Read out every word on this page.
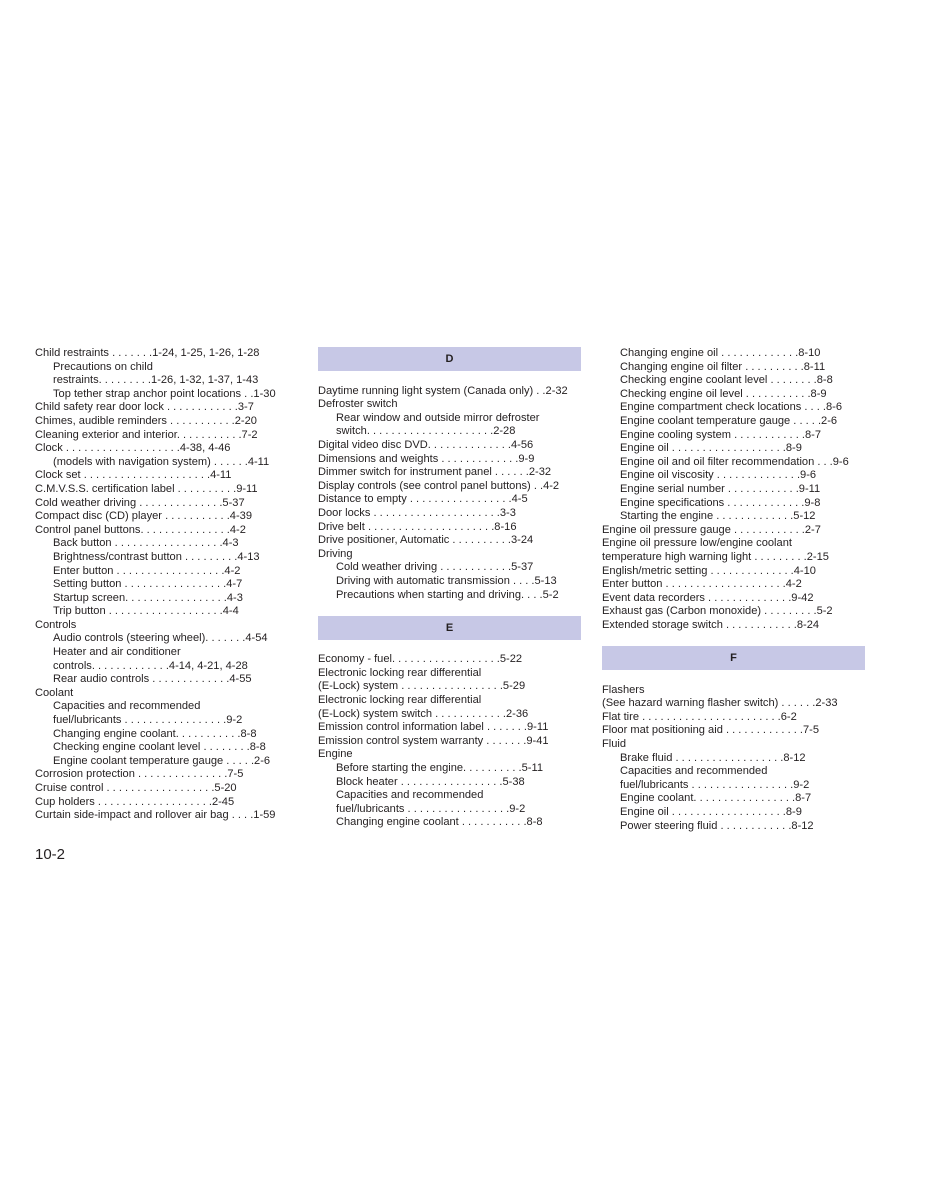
Child restraints . . . . . . .1-24, 1-25, 1-26, 1-28
Precautions on child
restraints. . . . . . . . .1-26, 1-32, 1-37, 1-43
Top tether strap anchor point locations . .1-30
Child safety rear door lock . . . . . . . . . . . .3-7
Chimes, audible reminders . . . . . . . . . . .2-20
Cleaning exterior and interior. . . . . . . . . . .7-2
Clock . . . . . . . . . . . . . . . . . . .4-38, 4-46
(models with navigation system) . . . . . .4-11
Clock set . . . . . . . . . . . . . . . . . . . . .4-11
C.M.V.S.S. certification label . . . . . . . . . .9-11
Cold weather driving . . . . . . . . . . . . . .5-37
Compact disc (CD) player . . . . . . . . . . .4-39
Control panel buttons. . . . . . . . . . . . . . .4-2
Back button . . . . . . . . . . . . . . . . . .4-3
Brightness/contrast button . . . . . . . . .4-13
Enter button . . . . . . . . . . . . . . . . . .4-2
Setting button . . . . . . . . . . . . . . . . .4-7
Startup screen. . . . . . . . . . . . . . . . .4-3
Trip button . . . . . . . . . . . . . . . . . . .4-4
Controls
Audio controls (steering wheel). . . . . . .4-54
Heater and air conditioner
controls. . . . . . . . . . . . .4-14, 4-21, 4-28
Rear audio controls . . . . . . . . . . . . .4-55
Coolant
Capacities and recommended
fuel/lubricants . . . . . . . . . . . . . . . . .9-2
Changing engine coolant. . . . . . . . . . .8-8
Checking engine coolant level . . . . . . . .8-8
Engine coolant temperature gauge . . . . .2-6
Corrosion protection . . . . . . . . . . . . . . .7-5
Cruise control . . . . . . . . . . . . . . . . . .5-20
Cup holders . . . . . . . . . . . . . . . . . . .2-45
Curtain side-impact and rollover air bag . . . .1-59
D
Daytime running light system (Canada only) . .2-32
Defroster switch
Rear window and outside mirror defroster
switch. . . . . . . . . . . . . . . . . . . . .2-28
Digital video disc DVD. . . . . . . . . . . . . .4-56
Dimensions and weights . . . . . . . . . . . . .9-9
Dimmer switch for instrument panel . . . . . .2-32
Display controls (see control panel buttons) . .4-2
Distance to empty . . . . . . . . . . . . . . . . .4-5
Door locks . . . . . . . . . . . . . . . . . . . . .3-3
Drive belt . . . . . . . . . . . . . . . . . . . . .8-16
Drive positioner, Automatic . . . . . . . . . .3-24
Driving
Cold weather driving . . . . . . . . . . . .5-37
Driving with automatic transmission . . . .5-13
Precautions when starting and driving. . . .5-2
E
Economy - fuel. . . . . . . . . . . . . . . . . .5-22
Electronic locking rear differential
(E-Lock) system . . . . . . . . . . . . . . . . .5-29
Electronic locking rear differential
(E-Lock) system switch . . . . . . . . . . . .2-36
Emission control information label . . . . . . .9-11
Emission control system warranty . . . . . . .9-41
Engine
Before starting the engine. . . . . . . . . .5-11
Block heater . . . . . . . . . . . . . . . . .5-38
Capacities and recommended
fuel/lubricants . . . . . . . . . . . . . . . . .9-2
Changing engine coolant . . . . . . . . . . .8-8
Changing engine oil . . . . . . . . . . . . .8-10
Changing engine oil filter . . . . . . . . . .8-11
Checking engine coolant level . . . . . . . .8-8
Checking engine oil level . . . . . . . . . . .8-9
Engine compartment check locations . . . .8-6
Engine coolant temperature gauge . . . . .2-6
Engine cooling system . . . . . . . . . . . .8-7
Engine oil . . . . . . . . . . . . . . . . . . .8-9
Engine oil and oil filter recommendation . . .9-6
Engine oil viscosity . . . . . . . . . . . . . .9-6
Engine serial number . . . . . . . . . . . .9-11
Engine specifications . . . . . . . . . . . . .9-8
Starting the engine . . . . . . . . . . . . .5-12
Engine oil pressure gauge . . . . . . . . . . . .2-7
Engine oil pressure low/engine coolant
temperature high warning light . . . . . . . . .2-15
English/metric setting . . . . . . . . . . . . . .4-10
Enter button . . . . . . . . . . . . . . . . . . . .4-2
Event data recorders . . . . . . . . . . . . . .9-42
Exhaust gas (Carbon monoxide) . . . . . . . . .5-2
Extended storage switch . . . . . . . . . . . .8-24
F
Flashers
(See hazard warning flasher switch) . . . . . .2-33
Flat tire . . . . . . . . . . . . . . . . . . . . . . .6-2
Floor mat positioning aid . . . . . . . . . . . . .7-5
Fluid
Brake fluid . . . . . . . . . . . . . . . . . .8-12
Capacities and recommended
fuel/lubricants . . . . . . . . . . . . . . . . .9-2
Engine coolant. . . . . . . . . . . . . . . . .8-7
Engine oil . . . . . . . . . . . . . . . . . . .8-9
Power steering fluid . . . . . . . . . . . .8-12
10-2
